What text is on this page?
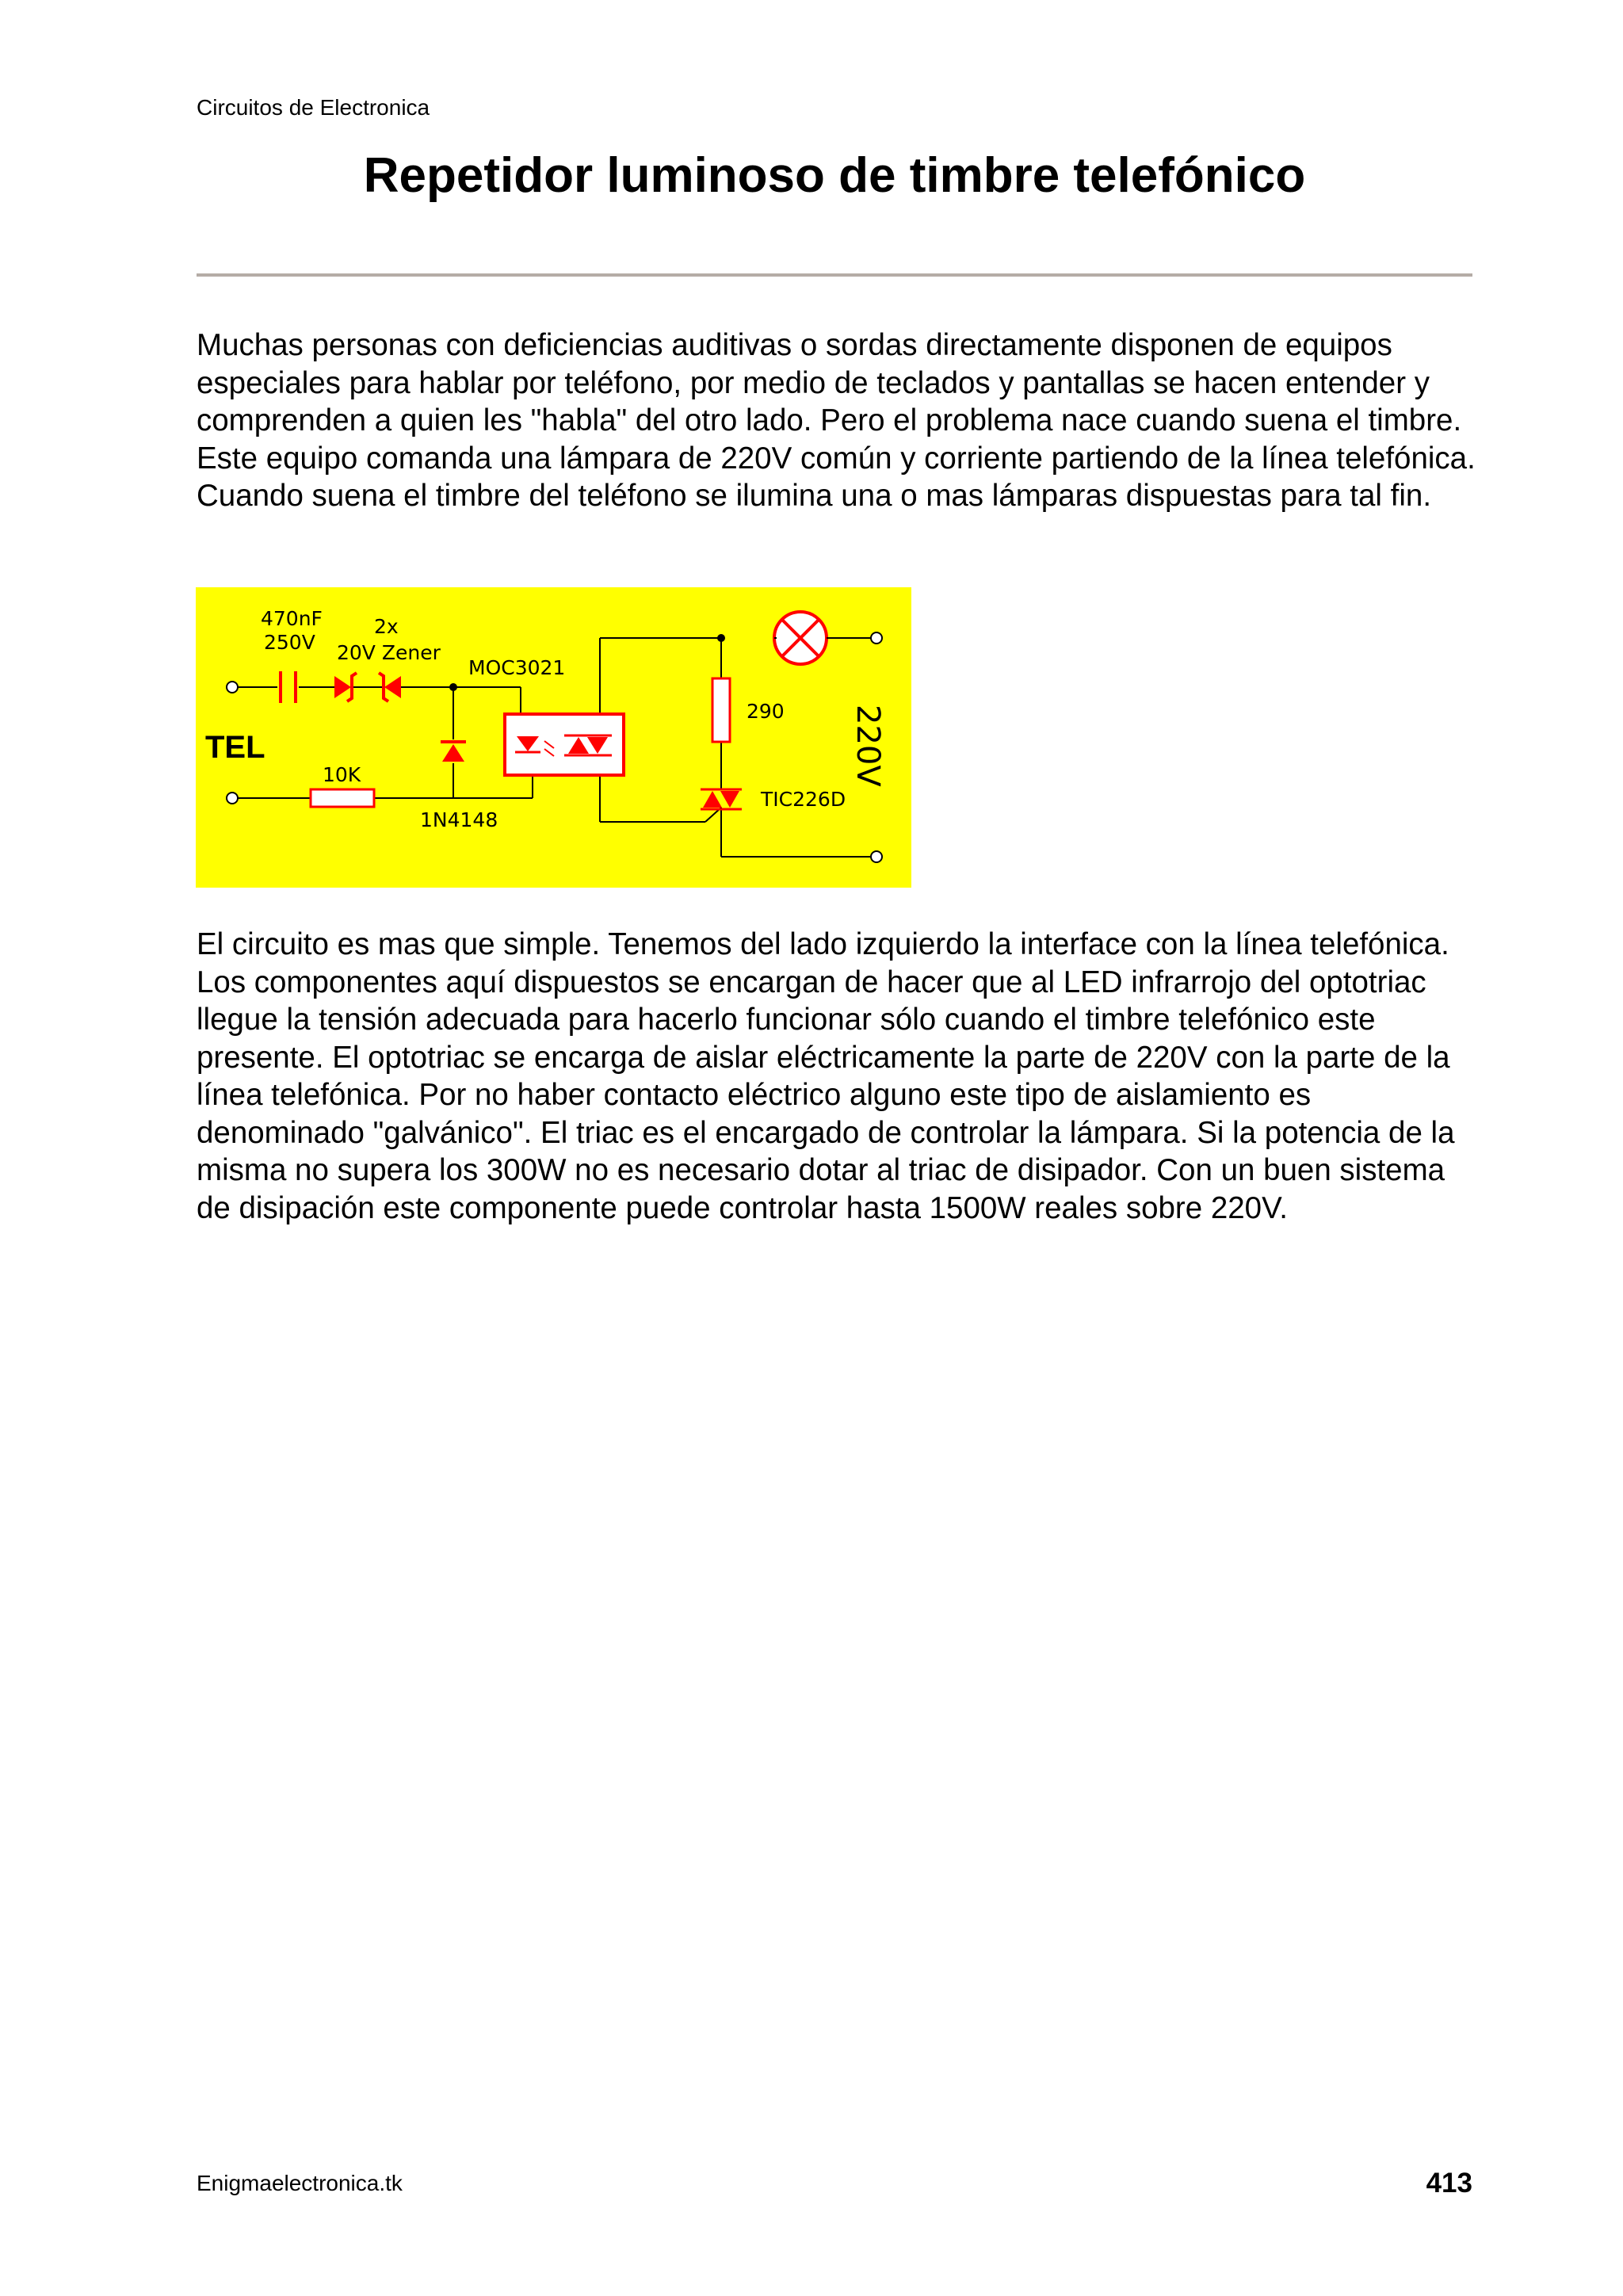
Circuitos de Electronica
Repetidor luminoso de timbre telefónico

Muchas personas con deficiencias auditivas o sordas directamente disponen de equipos especiales para hablar por teléfono, por medio de teclados y pantallas se hacen entender y comprenden a quien les "habla" del otro lado. Pero el problema nace cuando suena el timbre. Este equipo comanda una lámpara de 220V común y corriente partiendo de la línea telefónica. Cuando suena el timbre del teléfono se ilumina una o mas lámparas dispuestas para tal fin.

470nF
250V
2x
20V Zener
MOC3021
TEL
10K
1N4148
290
TIC226D
220V

El circuito es mas que simple. Tenemos del lado izquierdo la interface con la línea telefónica. Los componentes aquí dispuestos se encargan de hacer que al LED infrarrojo del optotriac llegue la tensión adecuada para hacerlo funcionar sólo cuando el timbre telefónico este presente. El optotriac se encarga de aislar eléctricamente la parte de 220V con la parte de la línea telefónica. Por no haber contacto eléctrico alguno este tipo de aislamiento es denominado "galvánico". El triac es el encargado de controlar la lámpara. Si la potencia de la misma no supera los 300W no es necesario dotar al triac de disipador. Con un buen sistema de disipación este componente puede controlar hasta 1500W reales sobre 220V.

Enigmaelectronica.tk	413
